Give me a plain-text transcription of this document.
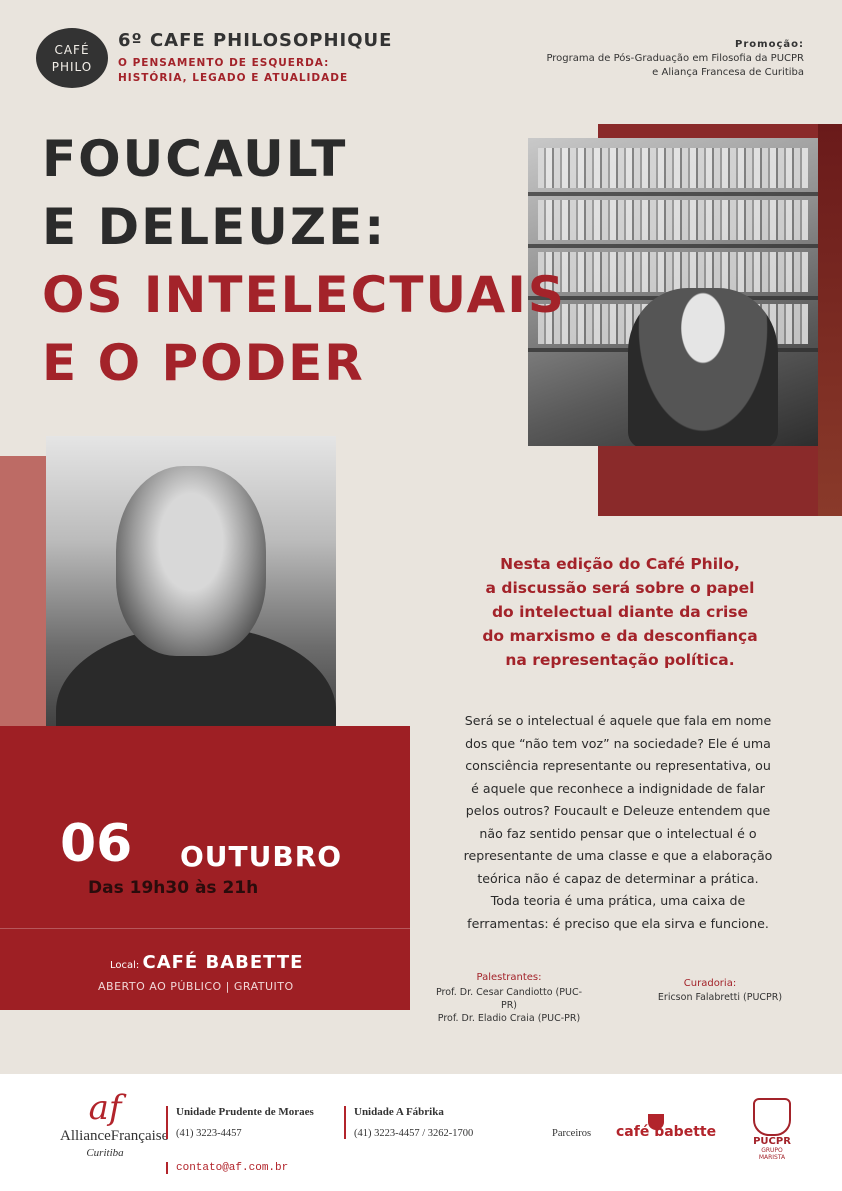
CAFÉ
PHILO
6º CAFE PHILOSOPHIQUE
O PENSAMENTO DE ESQUERDA:
HISTÓRIA, LEGADO E ATUALIDADE
Promoção:
Programa de Pós-Graduação em Filosofia da PUCPR
e Aliança Francesa de Curitiba
FOUCAULT
E DELEUZE:
OS INTELECTUAIS
E O PODER
06 OUTUBRO
Das 19h30 às 21h
Local: CAFÉ BABETTE
ABERTO AO PÚBLICO | GRATUITO
Nesta edição do Café Philo,
a discussão será sobre o papel
do intelectual diante da crise
do marxismo e da desconfiança
na representação política.
Será se o intelectual é aquele que fala em nome
dos que “não tem voz” na sociedade? Ele é uma
consciência representante ou representativa, ou
é aquele que reconhece a indignidade de falar
pelos outros? Foucault e Deleuze entendem que
não faz sentido pensar que o intelectual é o
representante de uma classe e que a elaboração
teórica não é capaz de determinar a prática.
Toda teoria é uma prática, uma caixa de
ferramentas: é preciso que ela sirva e funcione.
Palestrantes:
Prof. Dr. Cesar Candiotto (PUC-PR)
Prof. Dr. Eladio Craia (PUC-PR)
Curadoria:
Ericson Falabretti (PUCPR)
af
AllianceFrançaise
Curitiba
Unidade Prudente de Moraes
(41) 3223-4457
Unidade A Fábrika
(41) 3223-4457 / 3262-1700
contato@af.com.br
Parceiros café babette
PUCPR
GRUPO MARISTA
